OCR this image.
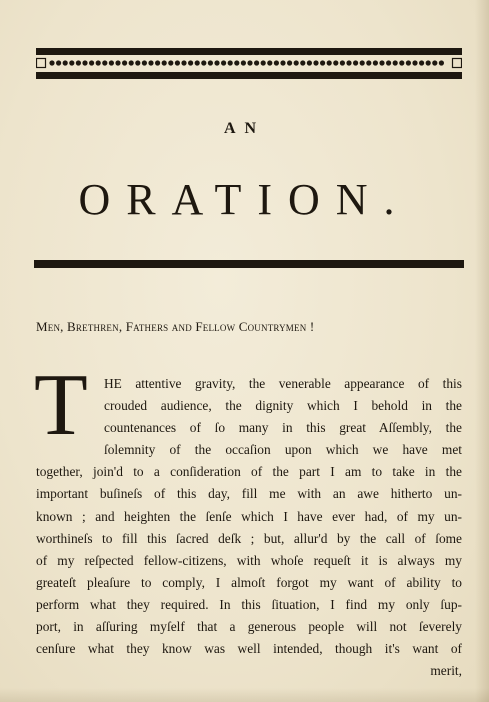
AN
ORATION.
Men, Brethren, Fathers and Fellow Countrymen !
T	HE attentive gravity, the venerable appearance of this
crouded audience, the dignity which I behold in the
countenances of ſo many in this great Aſſembly, the
ſolemnity of the occaſion upon which we have met
together, join'd to a conſideration of the part I am to take in the
important buſineſs of this day, fill me with an awe hitherto un-
known ; and heighten the ſenſe which I have ever had, of my un-
worthineſs to fill this ſacred deſk ; but, allur'd by the call of ſome
of my reſpected fellow-citizens, with whoſe requeſt it is always my
greateſt pleaſure to comply, I almoſt forgot my want of ability to
perform what they required. In this ſituation, I find my only ſup-
port, in aſſuring myſelf that a generous people will not ſeverely
cenſure what they know was well intended, though it's want of
merit,
